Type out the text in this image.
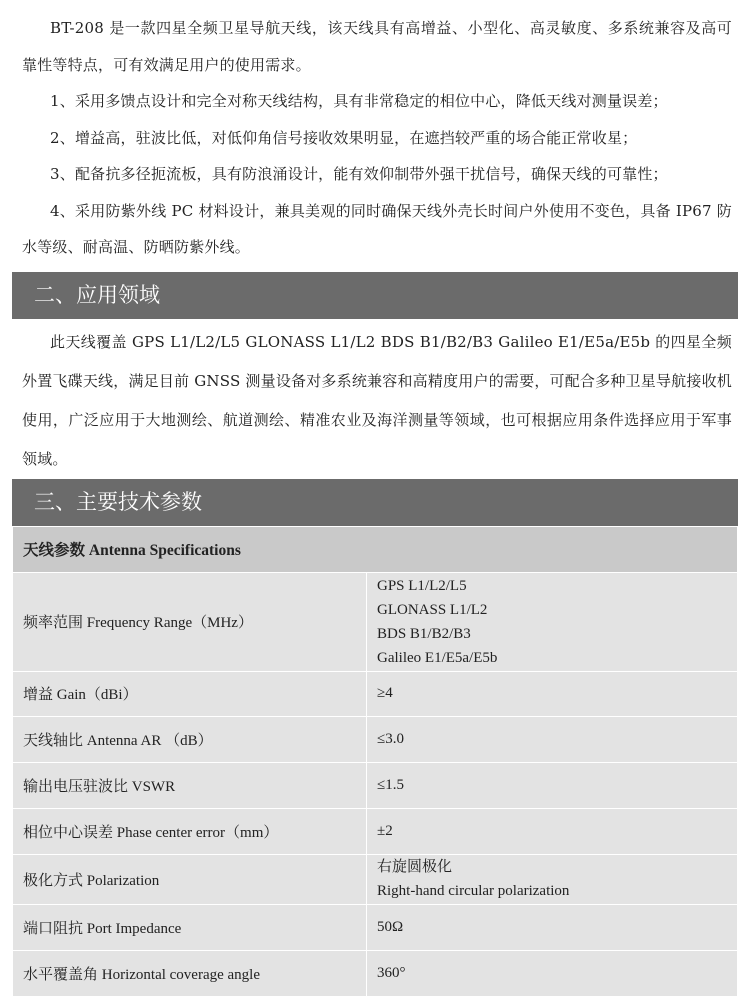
BT-208 是一款四星全频卫星导航天线，该天线具有高增益、小型化、高灵敏度、多系统兼容及高可靠性等特点，可有效满足用户的使用需求。

1、采用多馈点设计和完全对称天线结构，具有非常稳定的相位中心，降低天线对测量误差；

2、增益高，驻波比低，对低仰角信号接收效果明显，在遮挡较严重的场合能正常收星；

3、配备抗多径扼流板，具有防浪涌设计，能有效仰制带外强干扰信号，确保天线的可靠性；

4、采用防紫外线 PC 材料设计，兼具美观的同时确保天线外壳长时间户外使用不变色，具备 IP67 防水等级、耐高温、防晒防紫外线。

二、应用领域

此天线覆盖 GPS L1/L2/L5 GLONASS L1/L2 BDS B1/B2/B3 Galileo E1/E5a/E5b 的四星全频外置飞碟天线，满足目前 GNSS 测量设备对多系统兼容和高精度用户的需要，可配合多种卫星导航接收机使用，广泛应用于大地测绘、航道测绘、精准农业及海洋测量等领域，也可根据应用条件选择应用于军事领域。

三、主要技术参数
天线参数 Antenna Specifications	
频率范围 Frequency Range（MHz）	GPS L1/L2/L5
GLONASS L1/L2
BDS B1/B2/B3
Galileo E1/E5a/E5b

增益 Gain（dBi）	≥4
天线轴比 Antenna AR （dB）	≤3.0
输出电压驻波比 VSWR	≤1.5
相位中心误差 Phase center error（mm）	±2
极化方式 Polarization	右旋圆极化
Right-hand circular polarization

端口阻抗 Port Impedance	50Ω
水平覆盖角 Horizontal coverage angle	360°
